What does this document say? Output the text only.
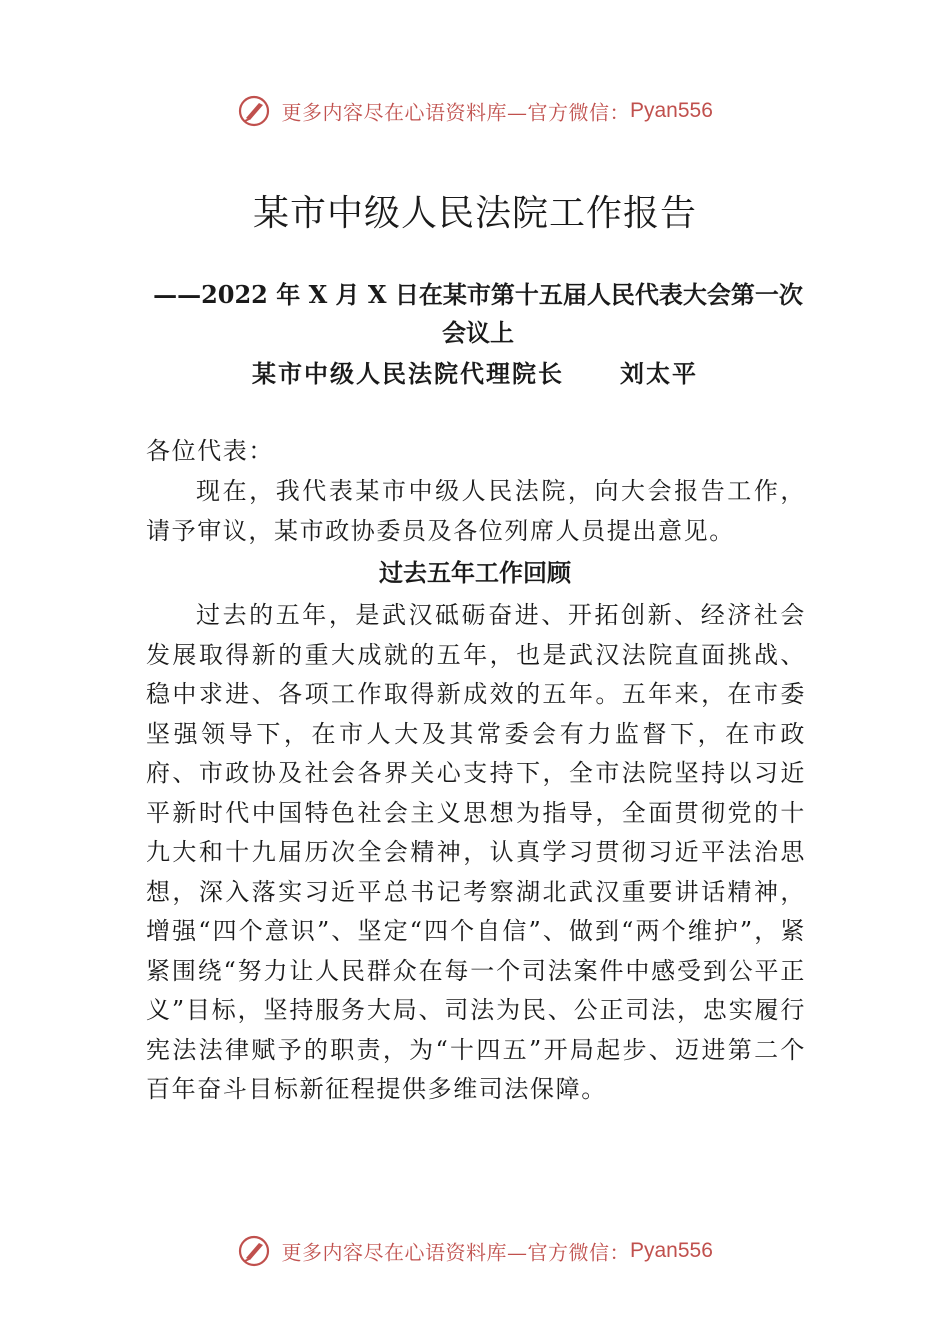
更多内容尽在心语资料库—官方微信：Pyan556
某市中级人民法院工作报告

——2022 年 X 月 X 日在某市第十五届人民代表大会第一次会议上

某市中级人民法院代理院长 刘太平

各位代表：

现在，我代表某市中级人民法院，向大会报告工作，请予审议，某市政协委员及各位列席人员提出意见。

过去五年工作回顾

过去的五年，是武汉砥砺奋进、开拓创新、经济社会发展取得新的重大成就的五年，也是武汉法院直面挑战、稳中求进、各项工作取得新成效的五年。五年来，在市委坚强领导下，在市人大及其常委会有力监督下，在市政府、市政协及社会各界关心支持下，全市法院坚持以习近平新时代中国特色社会主义思想为指导，全面贯彻党的十九大和十九届历次全会精神，认真学习贯彻习近平法治思想，深入落实习近平总书记考察湖北武汉重要讲话精神，增强“四个意识”、坚定“四个自信”、做到“两个维护”，紧紧围绕“努力让人民群众在每一个司法案件中感受到公平正义”目标，坚持服务大局、司法为民、公正司法，忠实履行宪法法律赋予的职责，为“十四五”开局起步、迈进第二个百年奋斗目标新征程提供多维司法保障。

更多内容尽在心语资料库—官方微信：Pyan556
